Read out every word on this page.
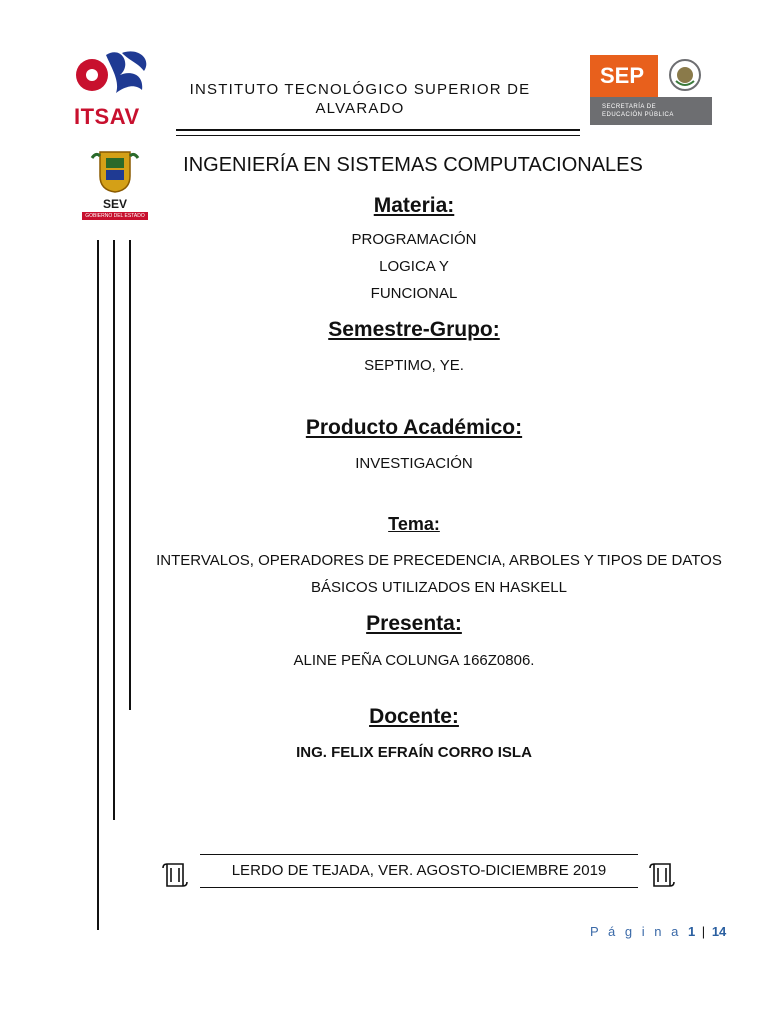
ITSAV
INSTITUTO TECNOLÓGICO SUPERIOR DE
ALVARADO
SEP
SECRETARÍA DE
EDUCACIÓN PÚBLICA
SEV
GOBIERNO DEL ESTADO
INGENIERÍA EN SISTEMAS COMPUTACIONALES
Materia:
PROGRAMACIÓN
LOGICA Y
FUNCIONAL
Semestre-Grupo:
SEPTIMO, YE.
Producto Académico:
INVESTIGACIÓN
Tema:
INTERVALOS, OPERADORES DE PRECEDENCIA, ARBOLES Y TIPOS DE DATOS
BÁSICOS UTILIZADOS EN HASKELL
Presenta:
ALINE PEÑA COLUNGA 166Z0806.
Docente:
ING. FELIX EFRAÍN CORRO ISLA
LERDO DE TEJADA, VER. AGOSTO-DICIEMBRE 2019
P á g i n a 1 | 14
